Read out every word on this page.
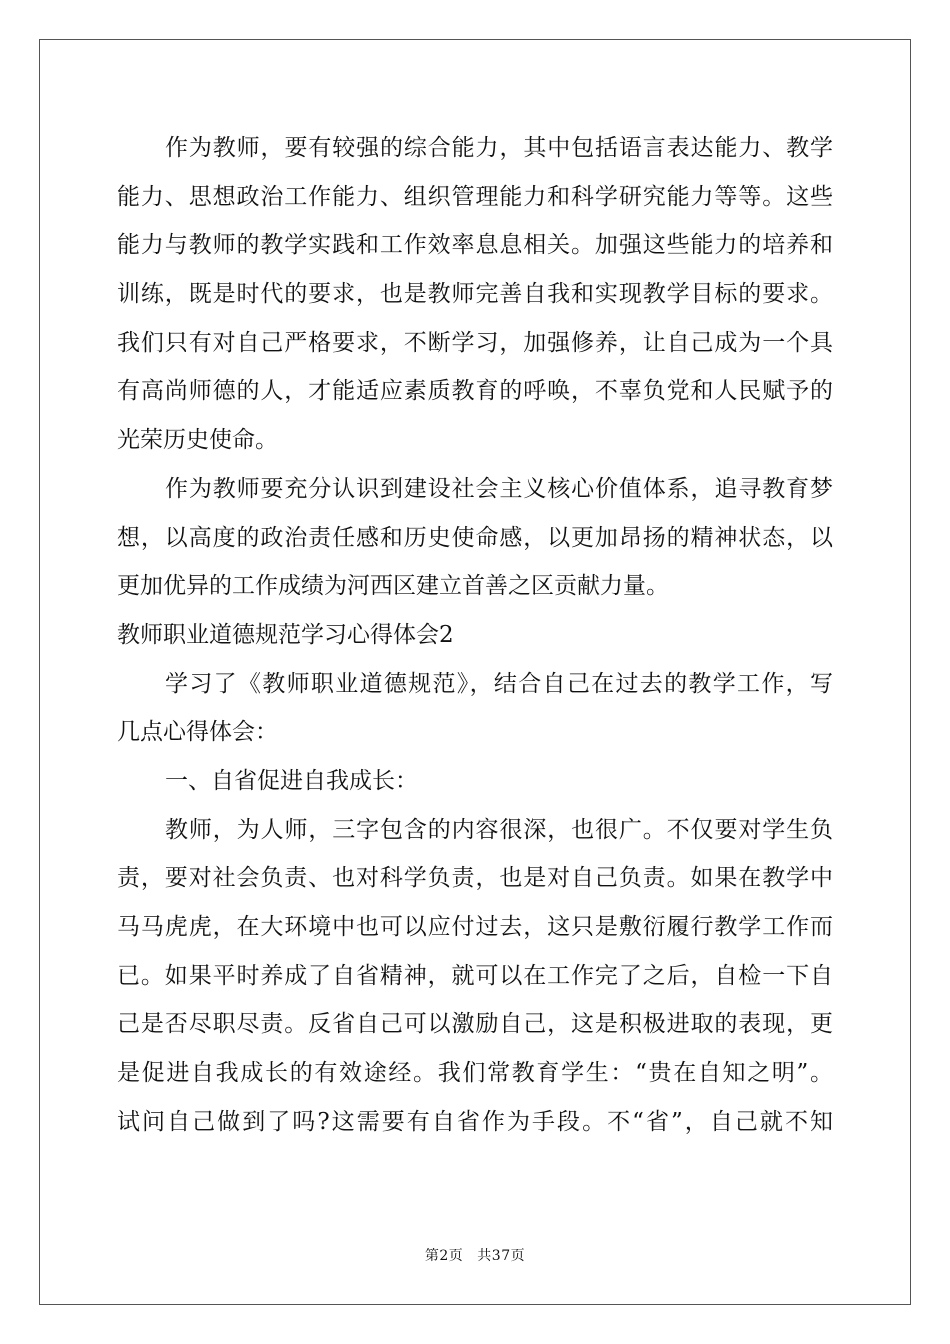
作为教师，要有较强的综合能力，其中包括语言表达能力、教学
能力、思想政治工作能力、组织管理能力和科学研究能力等等。这些
能力与教师的教学实践和工作效率息息相关。加强这些能力的培养和
训练，既是时代的要求，也是教师完善自我和实现教学目标的要求。
我们只有对自己严格要求，不断学习，加强修养，让自己成为一个具
有高尚师德的人，才能适应素质教育的呼唤，不辜负党和人民赋予的
光荣历史使命。
作为教师要充分认识到建设社会主义核心价值体系，追寻教育梦
想，以高度的政治责任感和历史使命感，以更加昂扬的精神状态，以
更加优异的工作成绩为河西区建立首善之区贡献力量。
教师职业道德规范学习心得体会2
学习了《教师职业道德规范》，结合自己在过去的教学工作，写
几点心得体会：
一、自省促进自我成长：
教师，为人师，三字包含的内容很深，也很广。不仅要对学生负
责，要对社会负责、也对科学负责，也是对自己负责。如果在教学中
马马虎虎，在大环境中也可以应付过去，这只是敷衍履行教学工作而
已。如果平时养成了自省精神，就可以在工作完了之后，自检一下自
己是否尽职尽责。反省自己可以激励自己，这是积极进取的表现，更
是促进自我成长的有效途经。我们常教育学生：“贵在自知之明”。
试问自己做到了吗?这需要有自省作为手段。不“省”，自己就不知
第2页 共37页
